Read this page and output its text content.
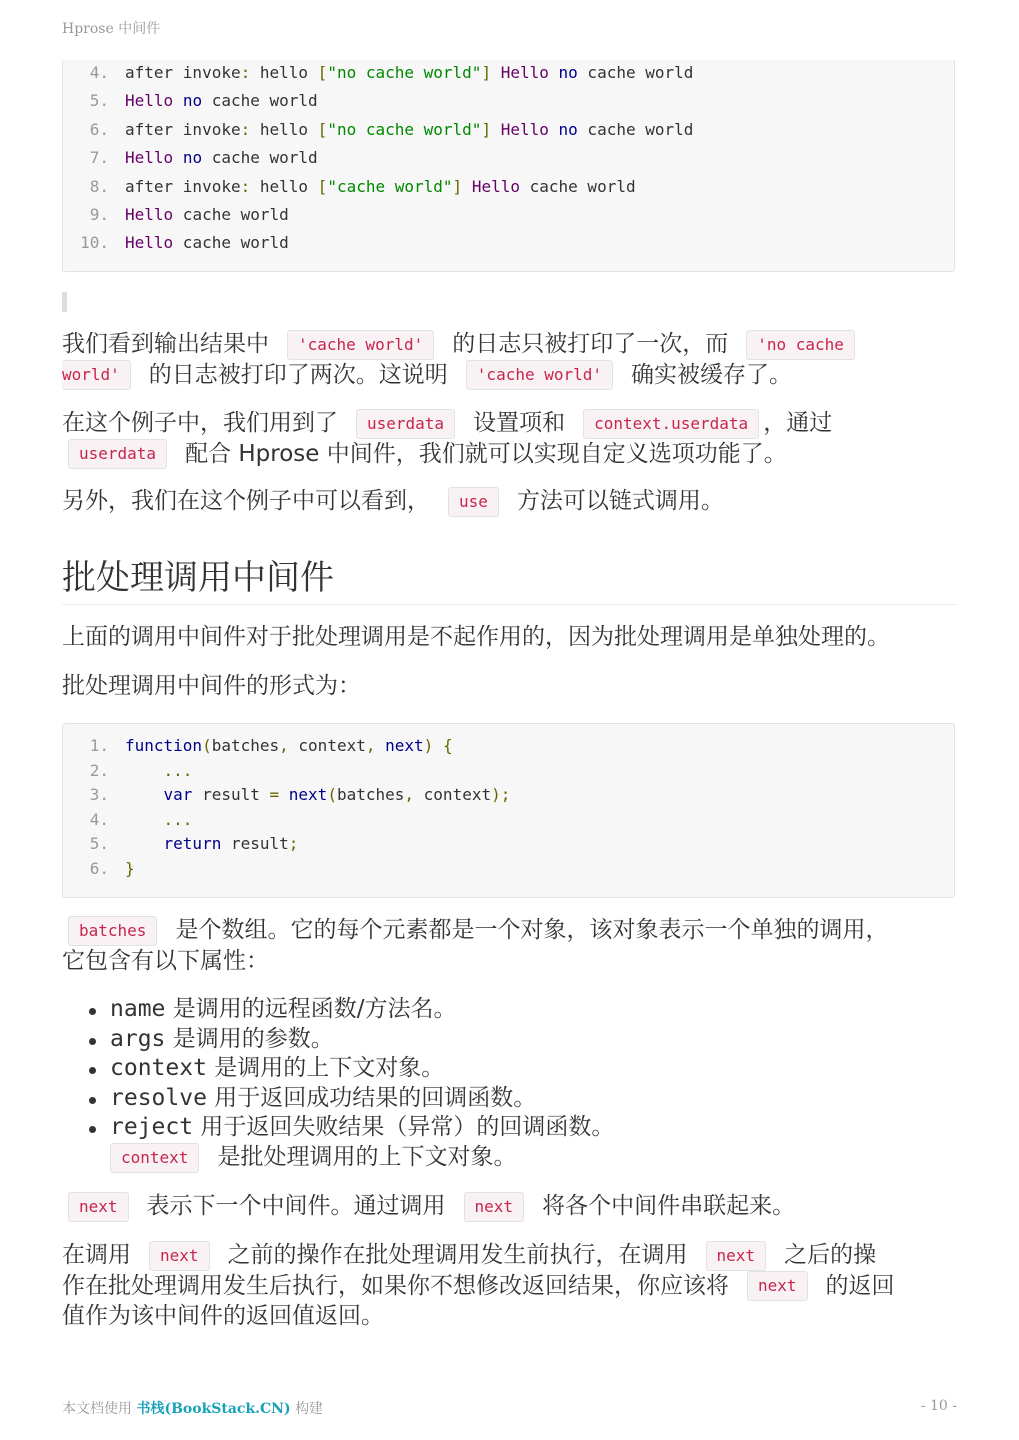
Hprose 中间件
4. after invoke: hello ["no cache world"] Hello no cache world
5. Hello no cache world
6. after invoke: hello ["no cache world"] Hello no cache world
7. Hello no cache world
8. after invoke: hello ["cache world"] Hello cache world
9. Hello cache world
10. Hello cache world
我们看到输出结果中 'cache world' 的日志只被打印了一次，而 'no cache
world' 的日志被打印了两次。这说明 'cache world' 确实被缓存了。
在这个例子中，我们用到了 userdata 设置项和 context.userdata ，通过
userdata 配合 Hprose 中间件，我们就可以实现自定义选项功能了。
另外，我们在这个例子中可以看到， use 方法可以链式调用。
批处理调用中间件
上面的调用中间件对于批处理调用是不起作用的，因为批处理调用是单独处理的。
批处理调用中间件的形式为：
1. function(batches, context, next) {
2.	...
3.	var result = next(batches, context);
4.	...
5.	return result;
6. }
batches 是个数组。它的每个元素都是一个对象，该对象表示一个单独的调用，
它包含有以下属性：
name 是调用的远程函数/方法名。
args 是调用的参数。
context 是调用的上下文对象。
resolve 用于返回成功结果的回调函数。
reject 用于返回失败结果（异常）的回调函数。
context 是批处理调用的上下文对象。
next 表示下一个中间件。通过调用 next 将各个中间件串联起来。
在调用 next 之前的操作在批处理调用发生前执行，在调用 next 之后的操
作在批处理调用发生后执行，如果你不想修改返回结果，你应该将 next 的返回
值作为该中间件的返回值返回。
本文档使用 书栈(BookStack.CN) 构建	- 10 -
